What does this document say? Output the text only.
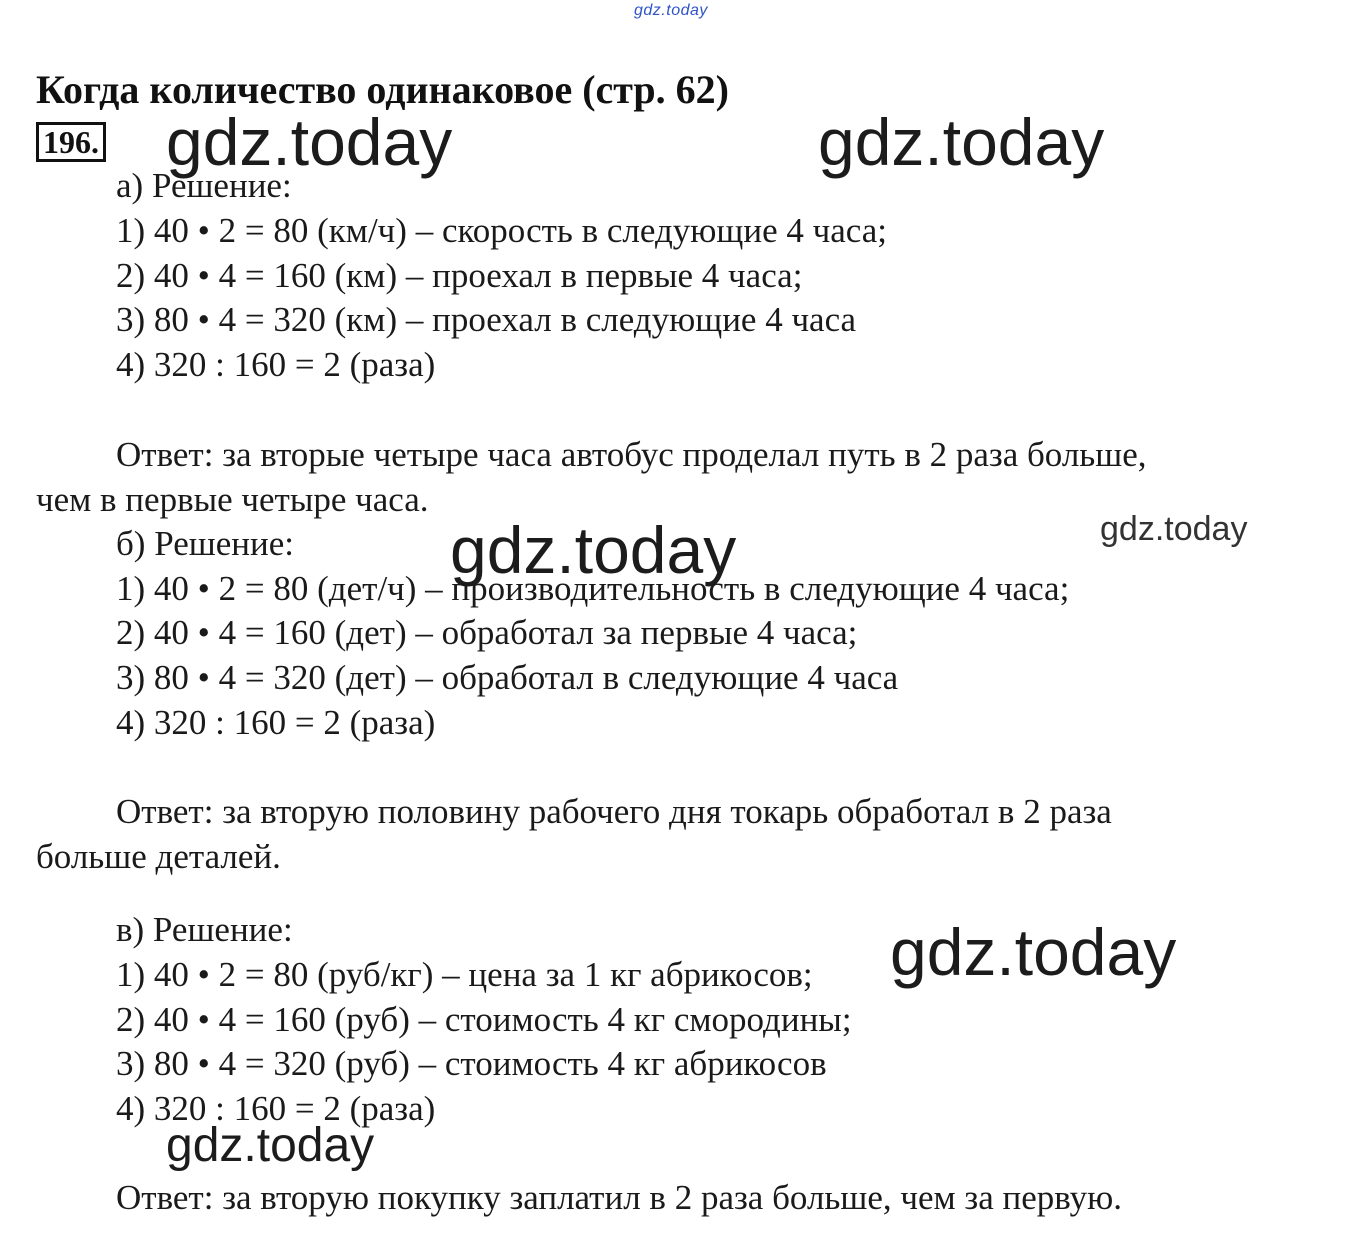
gdz.today
Когда количество одинаковое (стр. 62)
196. gdz.today	gdz.today
а) Решение:
1) 40 • 2 = 80 (км/ч) – скорость в следующие 4 часа;
2) 40 • 4 = 160 (км) – проехал в первые 4 часа;
3) 80 • 4 = 320 (км) – проехал в следующие 4 часа
4) 320 : 160 = 2 (раза)
Ответ: за вторые четыре часа автобус проделал путь в 2 раза больше,
чем в первые четыре часа.
gdz.today
gdz.today
б) Решение:
1) 40 • 2 = 80 (дет/ч) – производительность в следующие 4 часа;
2) 40 • 4 = 160 (дет) – обработал за первые 4 часа;
3) 80 • 4 = 320 (дет) – обработал в следующие 4 часа
4) 320 : 160 = 2 (раза)
Ответ: за вторую половину рабочего дня токарь обработал в 2 раза
больше деталей.
в) Решение:	gdz.today
1) 40 • 2 = 80 (руб/кг) – цена за 1 кг абрикосов;
2) 40 • 4 = 160 (руб) – стоимость 4 кг смородины;
3) 80 • 4 = 320 (руб) – стоимость 4 кг абрикосов
4) 320 : 160 = 2 (раза)
gdz.today
Ответ: за вторую покупку заплатил в 2 раза больше, чем за первую.
